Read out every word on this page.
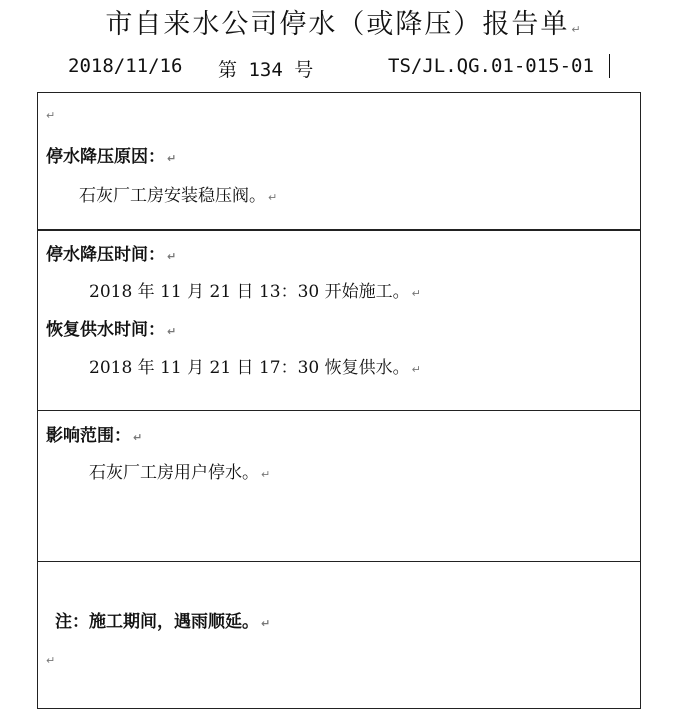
市自来水公司停水（或降压）报告单 ↵
2018/11/16 第 134 号	TS/JL.QG.01-015-01
↵
停水降压原因： ↵
石灰厂工房安装稳压阀。 ↵
停水降压时间： ↵
2018 年 11 月 21 日 13：30 开始施工。 ↵
恢复供水时间： ↵
2018 年 11 月 21 日 17：30 恢复供水。 ↵
影响范围： ↵
石灰厂工房用户停水。 ↵
注：施工期间，遇雨顺延。 ↵
↵
